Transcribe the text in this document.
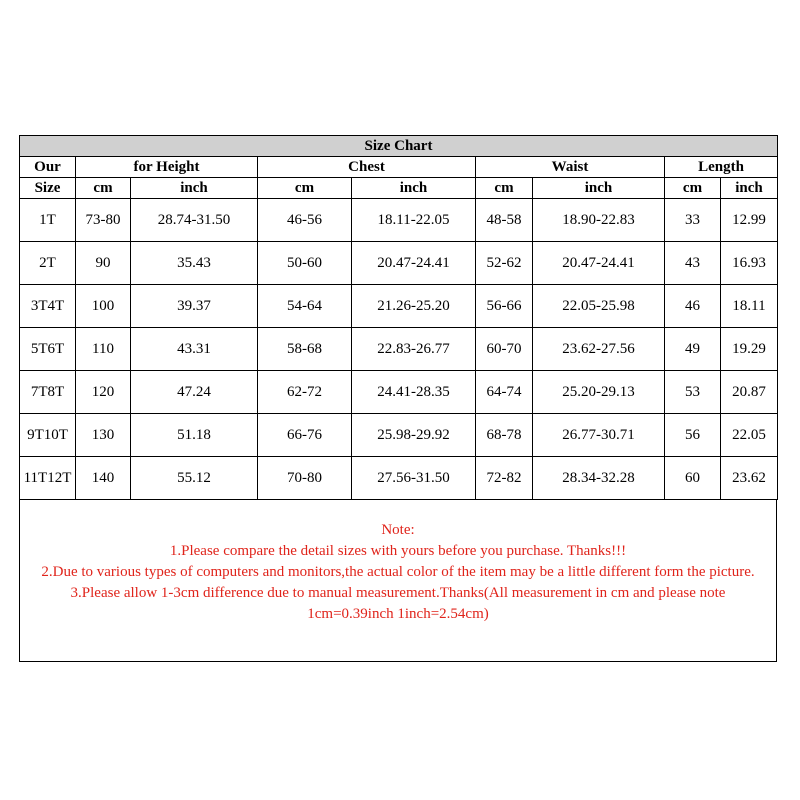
Size Chart								
Our	for Height		Chest		Waist		Length	
Size	cm	inch	cm	inch	cm	inch	cm	inch
1T	73-80	28.74-31.50	46-56	18.11-22.05	48-58	18.90-22.83	33	12.99
2T	90	35.43	50-60	20.47-24.41	52-62	20.47-24.41	43	16.93
3T4T	100	39.37	54-64	21.26-25.20	56-66	22.05-25.98	46	18.11
5T6T	110	43.31	58-68	22.83-26.77	60-70	23.62-27.56	49	19.29
7T8T	120	47.24	62-72	24.41-28.35	64-74	25.20-29.13	53	20.87
9T10T	130	51.18	66-76	25.98-29.92	68-78	26.77-30.71	56	22.05
11T12T	140	55.12	70-80	27.56-31.50	72-82	28.34-32.28	60	23.62

Note:

1.Please compare the detail sizes with yours before you purchase. Thanks!!!

2.Due to various types of computers and monitors,the actual color of the item may be a little different form the picture.

3.Please allow 1-3cm difference due to manual measurement.Thanks(All measurement in cm and please note 1cm=0.39inch 1inch=2.54cm)
